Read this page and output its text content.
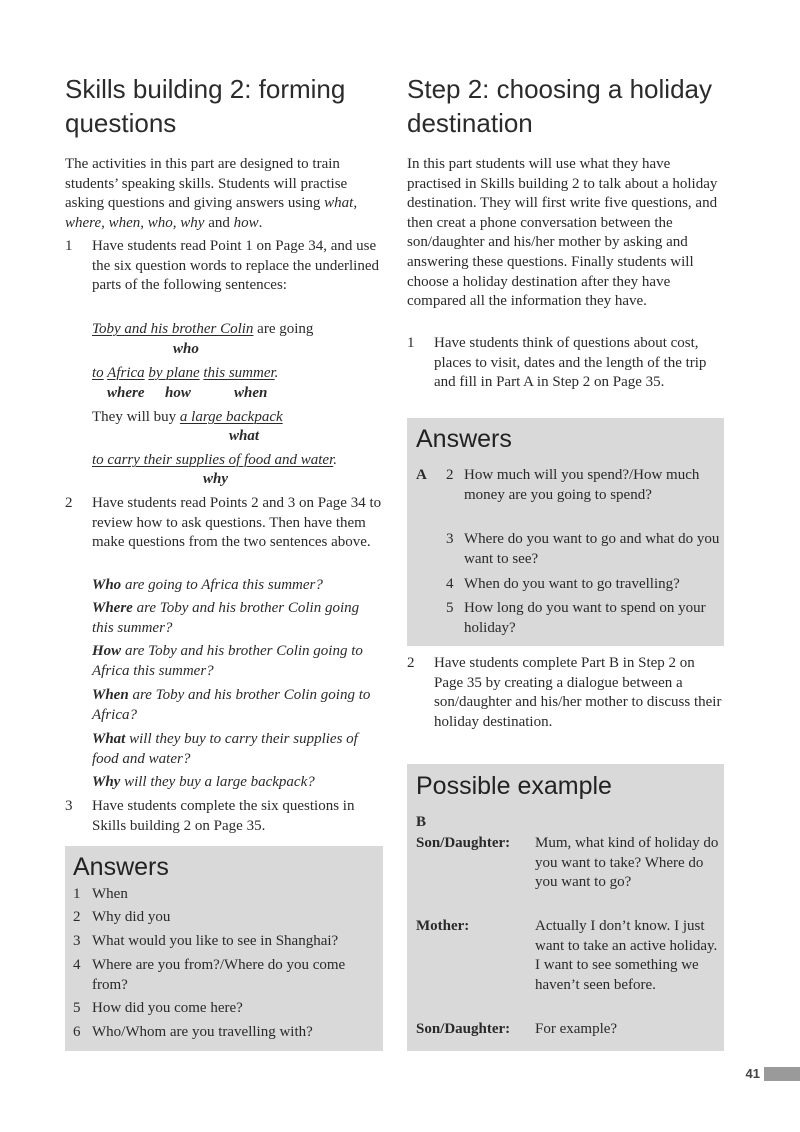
Skills building 2: forming questions
The activities in this part are designed to train students’ speaking skills. Students will practise asking questions and giving answers using what, where, when, who, why and how.
1 Have students read Point 1 on Page 34, and use the six question words to replace the underlined parts of the following sentences:
Toby and his brother Colin are going
who
to Africa by plane this summer.
where how	when
They will buy a large backpack
what
to carry their supplies of food and water.
why
2 Have students read Points 2 and 3 on Page 34 to review how to ask questions. Then have them make questions from the two sentences above.
Who are going to Africa this summer?
Where are Toby and his brother Colin going this summer?
How are Toby and his brother Colin going to Africa this summer?
When are Toby and his brother Colin going to Africa?
What will they buy to carry their supplies of food and water?
Why will they buy a large backpack?
3 Have students complete the six questions in Skills building 2 on Page 35.
Answers
1 When
2 Why did you
3 What would you like to see in Shanghai?
4 Where are you from?/Where do you come from?
5 How did you come here?
6 Who/Whom are you travelling with?
Step 2: choosing a holiday destination
In this part students will use what they have practised in Skills building 2 to talk about a holiday destination. They will first write five questions, and then creat a phone conversation between the son/daughter and his/her mother by asking and answering these questions. Finally students will choose a holiday destination after they have compared all the information they have.
1 Have students think of questions about cost, places to visit, dates and the length of the trip and fill in Part A in Step 2 on Page 35.
Answers
A 2 How much will you spend?/How much money are you going to spend?
3 Where do you want to go and what do you want to see?
4 When do you want to go travelling?
5 How long do you want to spend on your holiday?
2 Have students complete Part B in Step 2 on Page 35 by creating a dialogue between a son/daughter and his/her mother to discuss their holiday destination.
Possible example
B
Son/Daughter: Mum, what kind of holiday do you want to take? Where do you want to go?
Mother:	Actually I don’t know. I just want to take an active holiday. I want to see something we haven’t seen before.
Son/Daughter: For example?
41
